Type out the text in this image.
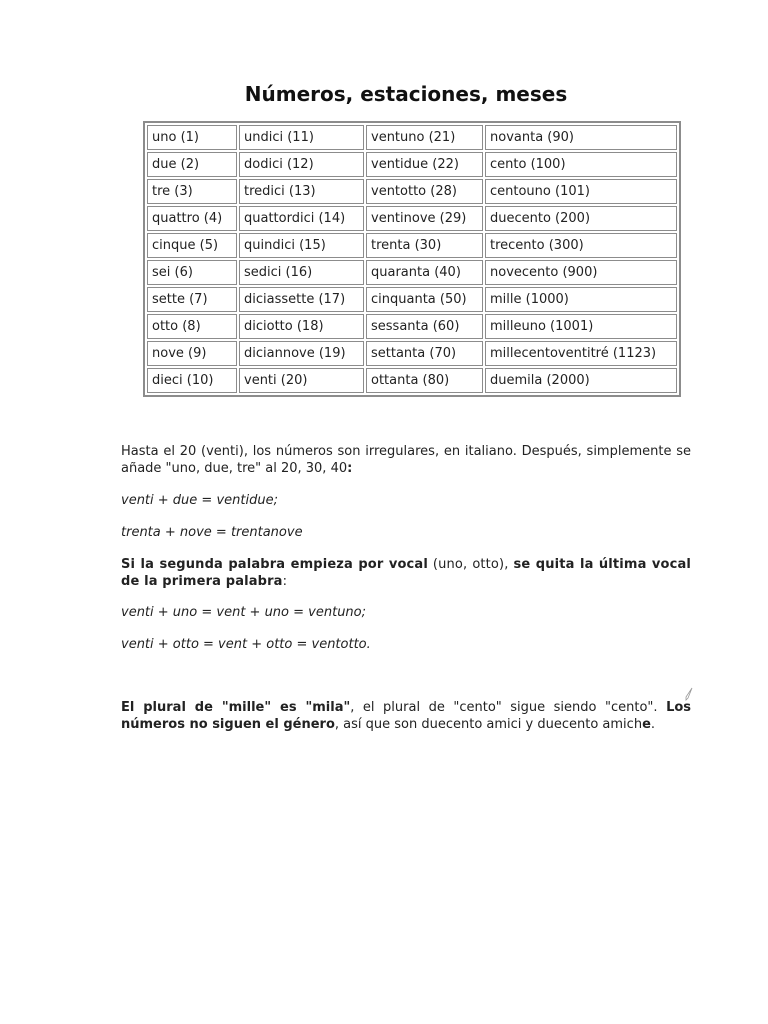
Números, estaciones, meses
uno (1)	undici (11)	ventuno (21)	novanta (90)
due (2)	dodici (12)	ventidue (22)	cento (100)
tre (3)	tredici (13)	ventotto (28)	centouno (101)
quattro (4)	quattordici (14)	ventinove (29)	duecento (200)
cinque (5)	quindici (15)	trenta (30)	trecento (300)
sei (6)	sedici (16)	quaranta (40)	novecento (900)
sette (7)	diciassette (17)	cinquanta (50)	mille (1000)
otto (8)	diciotto (18)	sessanta (60)	milleuno (1001)
nove (9)	diciannove (19)	settanta (70)	millecentoventitré (1123)
dieci (10)	venti (20)	ottanta (80)	duemila (2000)

Hasta el 20 (venti), los números son irregulares, en italiano. Después, simplemente se añade "uno, due, tre" al 20, 30, 40:

venti + due = ventidue;

trenta + nove = trentanove

Si la segunda palabra empieza por vocal (uno, otto), se quita la última vocal de la primera palabra:

venti + uno = vent + uno = ventuno;

venti + otto = vent + otto = ventotto.

El plural de "mille" es "mila", el plural de "cento" sigue siendo "cento". Los números no siguen el género, así que son duecento amici y duecento amiche.
